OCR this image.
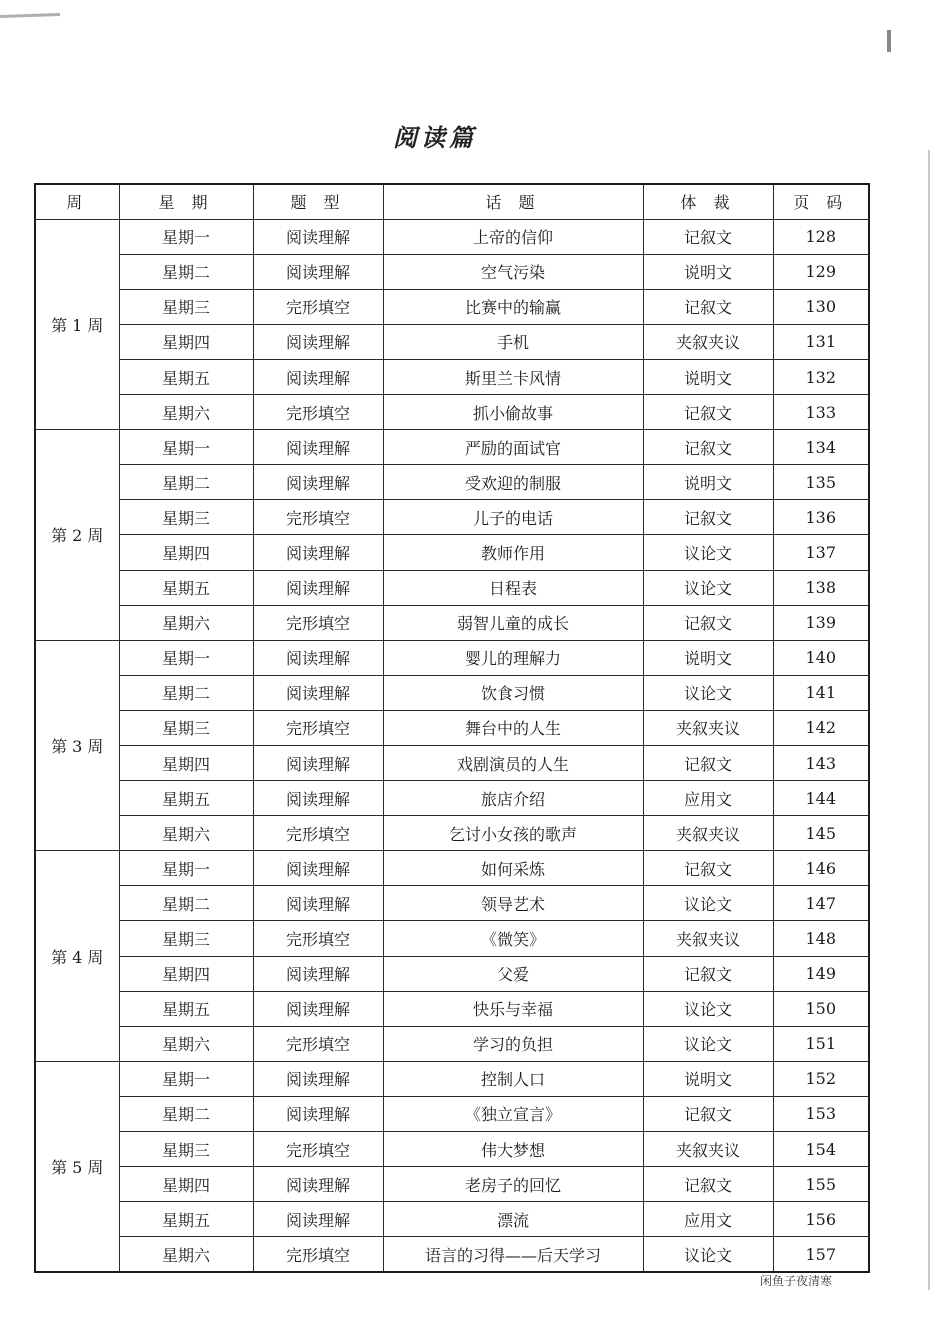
阅读篇
周	星 期	题 型	话 题	体 裁	页 码
第 1 周	星期一	阅读理解	上帝的信仰	记叙文	128
	星期二	阅读理解	空气污染	说明文	129
	星期三	完形填空	比赛中的输赢	记叙文	130
	星期四	阅读理解	手机	夹叙夹议	131
	星期五	阅读理解	斯里兰卡风情	说明文	132
	星期六	完形填空	抓小偷故事	记叙文	133
第 2 周	星期一	阅读理解	严励的面试官	记叙文	134
	星期二	阅读理解	受欢迎的制服	说明文	135
	星期三	完形填空	儿子的电话	记叙文	136
	星期四	阅读理解	教师作用	议论文	137
	星期五	阅读理解	日程表	议论文	138
	星期六	完形填空	弱智儿童的成长	记叙文	139
第 3 周	星期一	阅读理解	婴儿的理解力	说明文	140
	星期二	阅读理解	饮食习惯	议论文	141
	星期三	完形填空	舞台中的人生	夹叙夹议	142
	星期四	阅读理解	戏剧演员的人生	记叙文	143
	星期五	阅读理解	旅店介绍	应用文	144
	星期六	完形填空	乞讨小女孩的歌声	夹叙夹议	145
第 4 周	星期一	阅读理解	如何采炼	记叙文	146
	星期二	阅读理解	领导艺术	议论文	147
	星期三	完形填空	《微笑》	夹叙夹议	148
	星期四	阅读理解	父爱	记叙文	149
	星期五	阅读理解	快乐与幸福	议论文	150
	星期六	完形填空	学习的负担	议论文	151
第 5 周	星期一	阅读理解	控制人口	说明文	152
	星期二	阅读理解	《独立宣言》	记叙文	153
	星期三	完形填空	伟大梦想	夹叙夹议	154
	星期四	阅读理解	老房子的回忆	记叙文	155
	星期五	阅读理解	漂流	应用文	156
	星期六	完形填空	语言的习得——后天学习	议论文	157
闲鱼子夜清寒
